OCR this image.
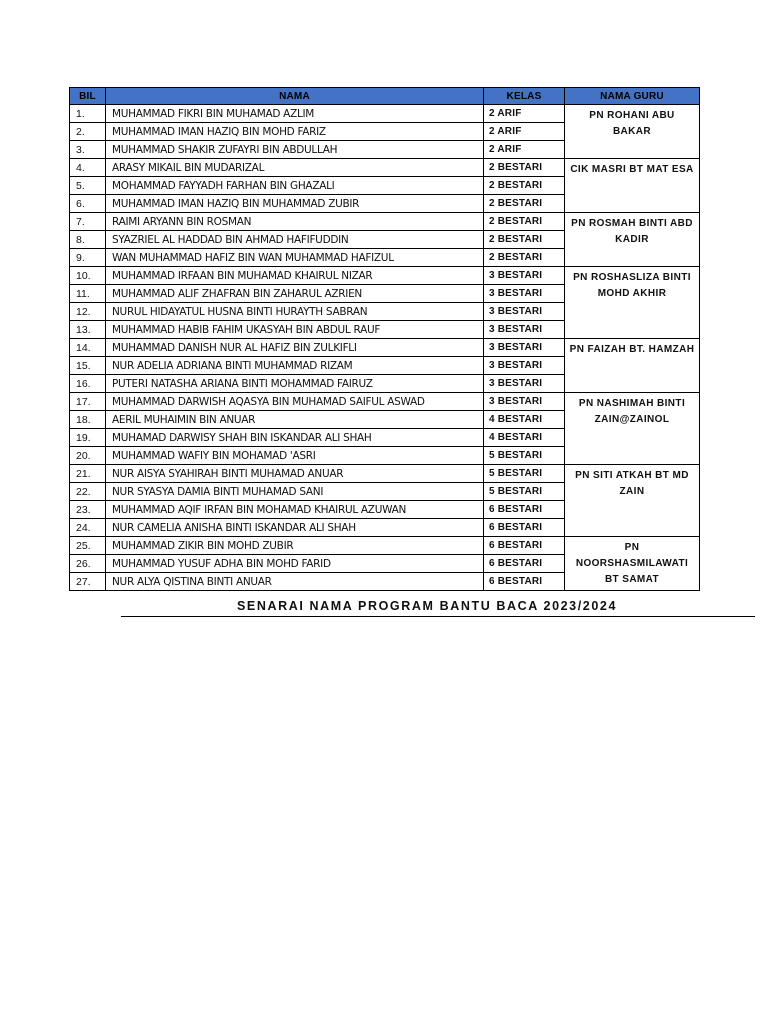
BIL	NAMA	KELAS	NAMA GURU
1.	MUHAMMAD FIKRI BIN MUHAMAD AZLIM	2 ARIF	PN ROHANI ABU BAKAR
2.	MUHAMMAD IMAN HAZIQ BIN MOHD FARIZ	2 ARIF	
3.	MUHAMMAD SHAKIR ZUFAYRI BIN ABDULLAH	2 ARIF	
4.	ARASY MIKAIL BIN MUDARIZAL	2 BESTARI	CIK MASRI BT MAT ESA
5.	MOHAMMAD FAYYADH FARHAN BIN GHAZALI	2 BESTARI	
6.	MUHAMMAD IMAN HAZIQ BIN MUHAMMAD ZUBIR	2 BESTARI	
7.	RAIMI ARYANN BIN ROSMAN	2 BESTARI	PN ROSMAH BINTI ABD KADIR
8.	SYAZRIEL AL HADDAD BIN AHMAD HAFIFUDDIN	2 BESTARI	
9.	WAN MUHAMMAD HAFIZ BIN WAN MUHAMMAD HAFIZUL	2 BESTARI	
10.	MUHAMMAD IRFAAN BIN MUHAMAD KHAIRUL NIZAR	3 BESTARI	PN ROSHASLIZA BINTI MOHD AKHIR
11.	MUHAMMAD ALIF ZHAFRAN BIN ZAHARUL AZRIEN	3 BESTARI	
12.	NURUL HIDAYATUL HUSNA BINTI HURAYTH SABRAN	3 BESTARI	
13.	MUHAMMAD HABIB FAHIM UKASYAH BIN ABDUL RAUF	3 BESTARI	
14.	MUHAMMAD DANISH NUR AL HAFIZ BIN ZULKIFLI	3 BESTARI	PN FAIZAH BT. HAMZAH
15.	NUR ADELIA ADRIANA BINTI MUHAMMAD RIZAM	3 BESTARI	
16.	PUTERI NATASHA ARIANA BINTI MOHAMMAD FAIRUZ	3 BESTARI	
17.	MUHAMMAD DARWISH AQASYA BIN MUHAMAD SAIFUL ASWAD	3 BESTARI	PN NASHIMAH BINTI ZAIN@ZAINOL
18.	AERIL MUHAIMIN BIN ANUAR	4 BESTARI	
19.	MUHAMAD DARWISY SHAH BIN ISKANDAR ALI SHAH	4 BESTARI	
20.	MUHAMMAD WAFIY BIN MOHAMAD 'ASRI	5 BESTARI	
21.	NUR AISYA SYAHIRAH BINTI MUHAMAD ANUAR	5 BESTARI	PN SITI ATKAH BT MD ZAIN
22.	NUR SYASYA DAMIA BINTI MUHAMAD SANI	5 BESTARI	
23.	MUHAMMAD AQIF IRFAN BIN MOHAMAD KHAIRUL AZUWAN	6 BESTARI	
24.	NUR CAMELIA ANISHA BINTI ISKANDAR ALI SHAH	6 BESTARI	
25.	MUHAMMAD ZIKIR BIN MOHD ZUBIR	6 BESTARI	PN NOORSHASMILAWATI BT SAMAT
26.	MUHAMMAD YUSUF ADHA BIN MOHD FARID	6 BESTARI	
27.	NUR ALYA QISTINA BINTI ANUAR	6 BESTARI	
SENARAI NAMA PROGRAM BANTU BACA 2023/2024
